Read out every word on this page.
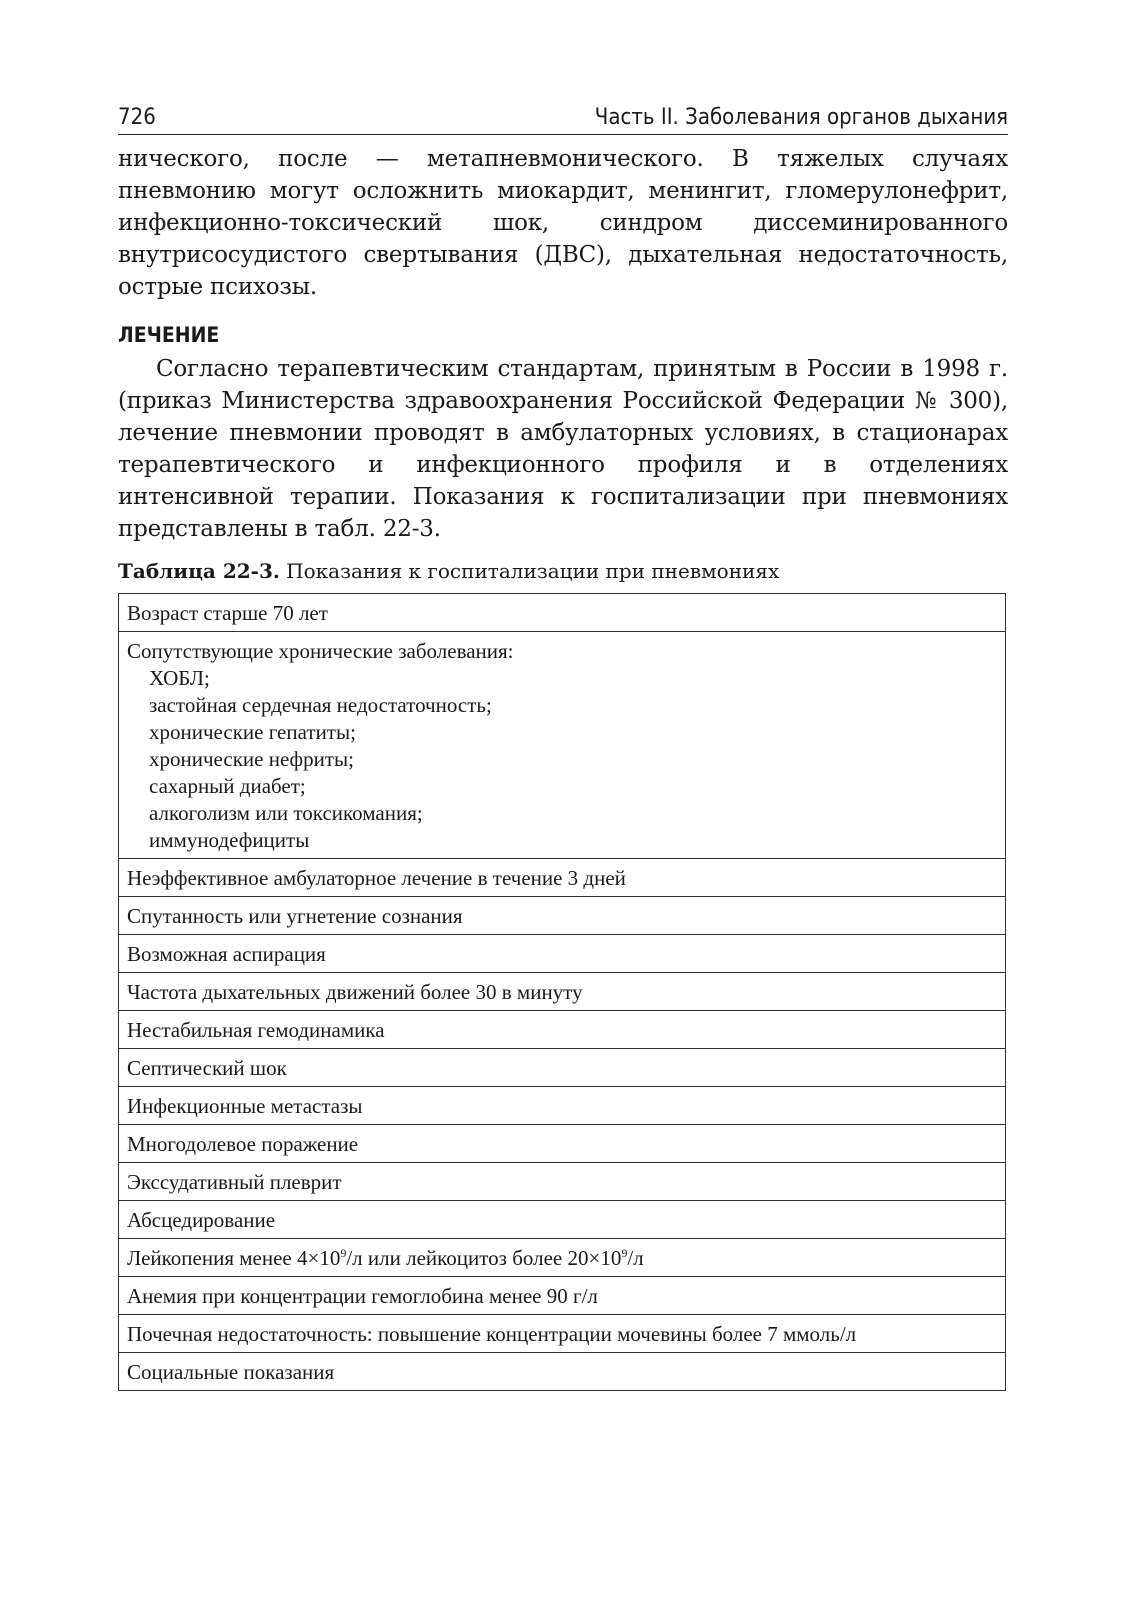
726	Часть II. Заболевания органов дыхания

нического, после — метапневмонического. В тяжелых случаях пневмонию могут осложнить миокардит, менингит, гломерулонефрит, инфекционно-токсический шок, синдром диссеминированного внутрисосудистого свертывания (ДВС), дыхательная недостаточность, острые психозы.

ЛЕЧЕНИЕ

Согласно терапевтическим стандартам, принятым в России в 1998 г. (приказ Министерства здравоохранения Российской Федерации № 300), лечение пневмонии проводят в амбулаторных условиях, в стационарах терапевтического и инфекционного профиля и в отделениях интенсивной терапии. Показания к госпитализации при пневмониях представлены в табл. 22-3.

Таблица 22-3. Показания к госпитализации при пневмониях

Возраст старше 70 лет
Сопутствующие хронические заболевания:
ХОБЛ;
застойная сердечная недостаточность;
хронические гепатиты;
хронические нефриты;
сахарный диабет;
алкоголизм или токсикомания;
иммунодефициты

Неэффективное амбулаторное лечение в течение 3 дней
Спутанность или угнетение сознания
Возможная аспирация
Частота дыхательных движений более 30 в минуту
Нестабильная гемодинамика
Септический шок
Инфекционные метастазы
Многодолевое поражение
Экссудативный плеврит
Абсцедирование
Лейкопения менее $4\times 10^9/л$ или лейкоцитоз более $20\times 10^9/л$
Анемия при концентрации гемоглобина менее 90 г/л
Почечная недостаточность: повышение концентрации мочевины более 7 ммоль/л
Социальные показания
